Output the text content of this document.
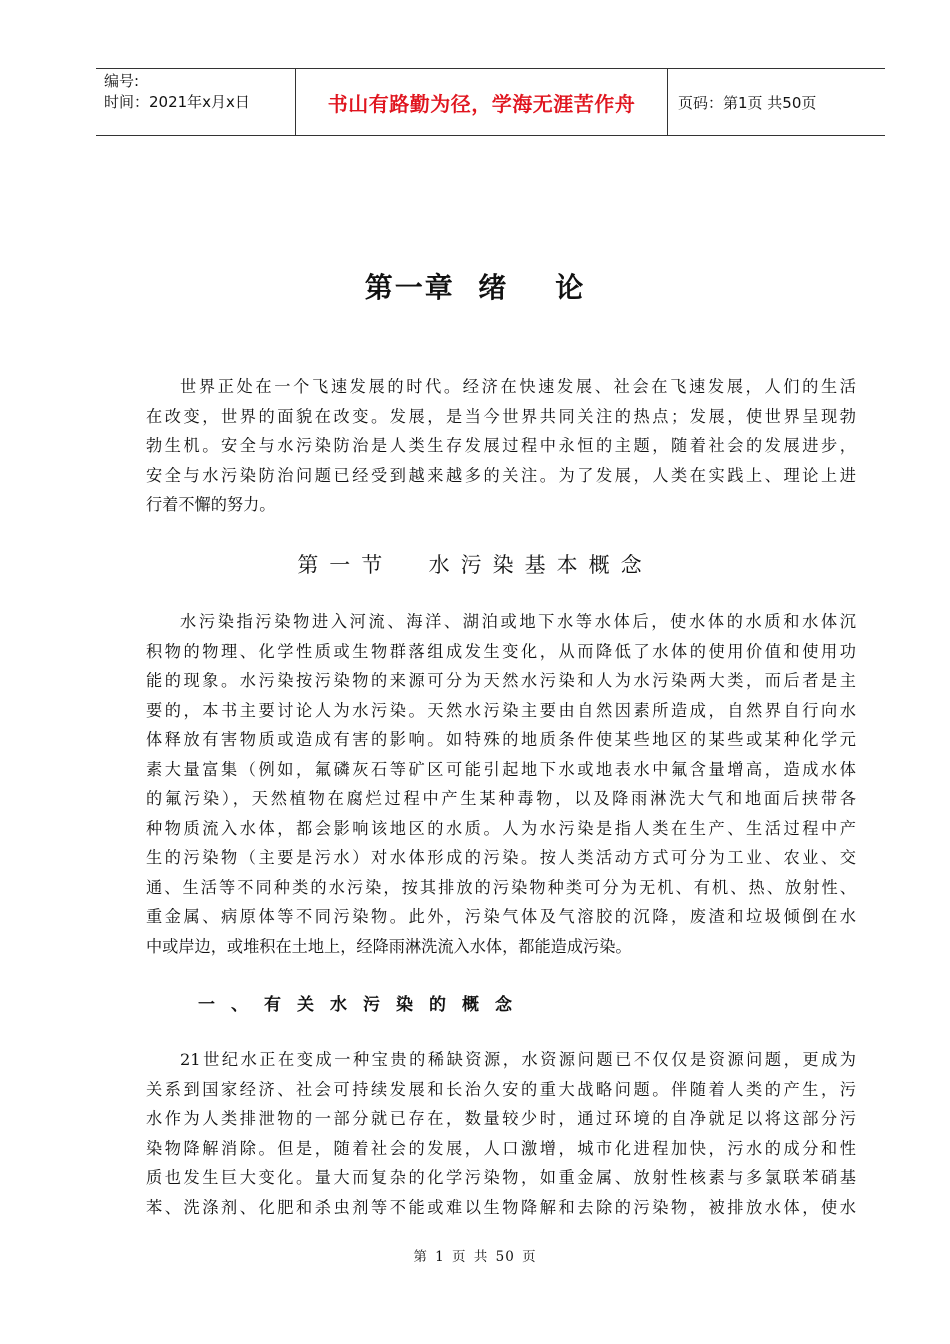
编号:
时间：2021年x月x日	书山有路勤为径，学海无涯苦作舟	页码：第1页 共50页
第一章  绪    论
世界正处在一个飞速发展的时代。经济在快速发展、社会在飞速发展，人们的生活
在改变，世界的面貌在改变。发展，是当今世界共同关注的热点；发展，使世界呈现勃
勃生机。安全与水污染防治是人类生存发展过程中永恒的主题，随着社会的发展进步，
安全与水污染防治问题已经受到越来越多的关注。为了发展，人类在实践上、理论上进
行着不懈的努力。
第一节  水污染基本概念
水污染指污染物进入河流、海洋、湖泊或地下水等水体后，使水体的水质和水体沉
积物的物理、化学性质或生物群落组成发生变化，从而降低了水体的使用价值和使用功
能的现象。水污染按污染物的来源可分为天然水污染和人为水污染两大类，而后者是主
要的，本书主要讨论人为水污染。天然水污染主要由自然因素所造成，自然界自行向水
体释放有害物质或造成有害的影响。如特殊的地质条件使某些地区的某些或某种化学元
素大量富集（例如，氟磷灰石等矿区可能引起地下水或地表水中氟含量增高，造成水体
的氟污染），天然植物在腐烂过程中产生某种毒物，以及降雨淋洗大气和地面后挟带各
种物质流入水体，都会影响该地区的水质。人为水污染是指人类在生产、生活过程中产
生的污染物（主要是污水）对水体形成的污染。按人类活动方式可分为工业、农业、交
通、生活等不同种类的水污染，按其排放的污染物种类可分为无机、有机、热、放射性、
重金属、病原体等不同污染物。此外，污染气体及气溶胶的沉降，废渣和垃圾倾倒在水
中或岸边，或堆积在土地上，经降雨淋洗流入水体，都能造成污染。
一、有关水污染的概念
21世纪水正在变成一种宝贵的稀缺资源，水资源问题已不仅仅是资源问题，更成为
关系到国家经济、社会可持续发展和长治久安的重大战略问题。伴随着人类的产生，污
水作为人类排泄物的一部分就已存在，数量较少时，通过环境的自净就足以将这部分污
染物降解消除。但是，随着社会的发展，人口激增，城市化进程加快，污水的成分和性
质也发生巨大变化。量大而复杂的化学污染物，如重金属、放射性核素与多氯联苯硝基
苯、洗涤剂、化肥和杀虫剂等不能或难以生物降解和去除的污染物，被排放水体，使水
第 1 页 共 50 页
